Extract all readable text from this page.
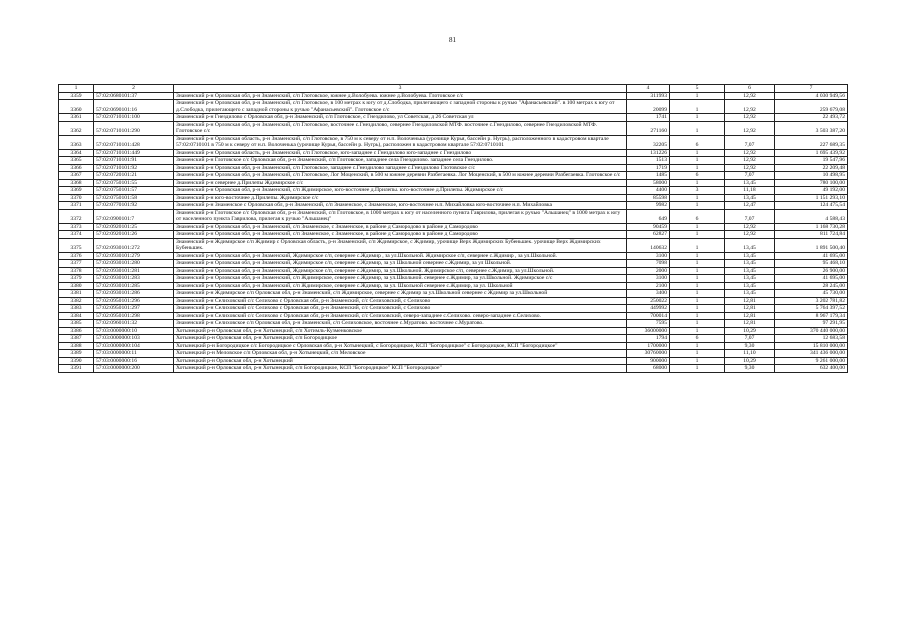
81
1	2	3	4	5	6	7
3359	57:02:0680101:37	Знаменский р-н Орловская обл, р-н Знаменский, с/п Глотовское, южнее д.Волобуева. южнее д.Волобуева. Глотовское с/с	311993	1	12,92	4 030 949,56
3360	57:02:0690101:16	Знаменский р-н Орловская обл, р-н Знаменский, с/п Глотовское, в 100 метрах к югу от д.Слободка, прилегающего с западной стороны к ручью "Афанасьевский". в 100 метрах к югу от д.Слободка, прилегающего с западной стороны к ручью "Афанасьевский". Глотовское с/с	20099	1	12,92	259 679,08
3361	57:02:0710101:100	Знаменский р-н Гнездилово с Орловская обл, р-н Знаменский, с/п Глотовское, с Гнездилово, ул Советская, д 26 Советская ул	1741	1	12,92	22 493,72
3362	57:02:0710101:290	Знаменский р-н Орловская обл, р-н Знаменский, с/п Глотовское, восточнее с.Гнездилово, севернее Гнездиловской МТФ. восточнее с.Гнездилово, севернее Гнездиловской МТФ. Глотовское с/с	271160	1	12,92	3 503 387,20
3363	57:02:0710101:428	Знаменский р-н Орловская область, р-н Знаменский, с/п Глотовское, в 750 м к северу от н.п. Волоченька (урочище Курья, бассейн р. Нугрь), расположенного в кадастровом квартале 57:02:0710101 в 750 м к северу от н.п. Волоченька (урочище Курья, бассейн р. Нугрь), расположен в кадастровом квартале 57:02:0710101	32205	6	7,07	227 689,35
3364	57:02:0710101:449	Знаменский р-н Орловская область, р-н Знаменский, с/п Глотовское, юго-западнее с Гнездилово юго-западнее с Гнездилово	131226	1	12,92	1 695 439,92
3365	57:02:0710101:91	Знаменский р-н Глотовское с/с Орловская обл, р-н Знаменский, с/п Глотовское, западнее села Гнездилово. западнее села Гнездилово.	1513	1	12,92	19 547,96
3366	57:02:0710101:92	Знаменский р-н Орловская обл, р-н Знаменский, с/п Глотовское, западнее с.Гнездилово западнее с.Гнездилово Глотовское с/с	1719	1	12,92	22 209,48
3367	57:02:0720101:21	Знаменский р-н Орловская обл, р-н Знаменский, с/п Глотовское, Лог Моценский, в 500 м южнее деревни Разбегаевка. Лог Моценский, в 500 м южнее деревни Разбегаевка. Глотовское с/с	1485	6	7,07	10 498,95
3368	57:02:0750101:55	Знаменский р-н севернее д.Прилепы Ждимирское с/с	58000	1	13,45	780 100,00
3369	57:02:0750101:57	Знаменский р-н Орловская обл, р-н Знаменский, с/п Ждимирское, юго-восточнее д.Прилепы. юго-восточнее д.Прилепы. Ждимирское с/с	4400	3	11,18	49 192,00
3370	57:02:0750101:58	Знаменский р-н юго-восточнее д.Прилепы. Ждимирское с/с	85598	1	13,45	1 151 293,10
3371	57:02:0770101:92	Знаменский р-н Знаменское с Орловская обл, р-н Знаменский, с/п Знаменское, с Знаменское, юго-восточнее н.п. Михайловка юго-восточнее н.п. Михайловка	9982	1	12,47	124 475,54
3372	57:02:0900101:7	Знаменский р-н Глотовское с/с Орловская обл, р-н Знаменский, с/п Глотовское, в 1000 метрах к югу от населенного пункта Гаврилова, прилегая к ручью "Альшанец" в 1000 метрах к югу от населенного пункта Гаврилова, прилегая к ручью "Альшанец"	649	6	7,07	4 588,43
3373	57:02:0920101:25	Знаменский р-н Орловская обл, р-н Знаменский, с/п Знаменское, с Знаменское, в районе д Самородово в районе д Самородово	90459	1	12,92	1 168 730,28
3374	57:02:0920101:26	Знаменский р-н Орловская обл, р-н Знаменский, с/п Знаменское, с Знаменское, в районе д Самородово в районе д Самородово	62827	1	12,92	811 724,84
3375	57:02:0930101:272	Знаменский р-н Ждимирское с/п Ждимир с Орловская область, р-н Знаменский, с/п Ждимирское, с Ждимир, урочище Верх Ждимирских Бубеньшек. урочище Верх Ждимирских Бубеньшек.	140632	1	13,45	1 891 500,40
3376	57:02:0930101:279	Знаменский р-н Орловская обл, р-н Знаменский, Ждимирское с/п, севернее с.Ждимир , за ул.Школьной. Ждимирское с/п, севернее с.Ждимир , за ул.Школьной.	3100	1	13,45	41 695,00
3377	57:02:0930101:280	Знаменский р-н Орловская обл, р-н Знаменский, Ждимирское с/п, севернее с.Ждимир, за ул Школьной севернее с.Ждимир, за ул Школьной.	7098	1	13,45	95 468,10
3378	57:02:0930101:281	Знаменский р-н Орловская обл, р-н Знаменский, Ждимирское с/п, севернее с.Ждимир, за ул.Школьной. Ждимирское с/п, севернее с.Ждимир, за ул.Школьной.	2000	1	13,45	26 900,00
3379	57:02:0930101:283	Знаменский р-н Орловская обл, р-н Знаменский, с/п Ждимирское, севернее с.Ждимир, за ул.Школьной. севернее с.Ждимир, за ул.Школьной. Ждимирское с/с	3100	1	13,45	41 695,00
3380	57:02:0930101:285	Знаменский р-н Орловская обл, р-н Знаменский, с/п Ждимирское, севернее с.Ждимир, за ул. Школьной севернее с.Ждимир, за ул. Школьной	2100	1	13,45	28 245,00
3381	57:02:0930101:286	Знаменский р-н Ждимирское с/п Орловская обл, р-н Знаменский, с/п Ждимирское, севернее с Ждимир за ул.Школьной севернее с Ждимир за ул.Школьной	3400	1	13,45	45 730,00
3382	57:02:0950101:296	Знаменский р-н Селиховский с/с Селихово с Орловская обл, р-н Знаменский, с/с Селиховский, с Селихово	250022	1	12,81	3 202 781,82
3383	57:02:0950101:297	Знаменский р-н Селиховский с/с Селихово с Орловская обл, р-н Знаменский, с/с Селиховский, с Селихово	449992	1	12,81	5 764 397,52
3384	57:02:0950101:298	Знаменский р-н Селиховский с/с Селихово с Орловская обл, р-н Знаменский, с/с Селиховский, северо-западнее с.Селихово. северо-западнее с.Селихово.	700014	1	12,81	8 967 179,34
3385	57:02:0960101:32	Знаменский р-н Селиховское с/п Орловская обл, р-н Знаменский, с/п Селиховское, восточнее с.Муратово. восточнее с.Муратово.	7595	1	12,81	97 291,95
3386	57:03:0000000:10	Хотынецкий р-н Орловская обл, р-н Хотынецкий, с/п Хотимль-Кузменковское	36000000	1	10,29	370 440 000,00
3387	57:03:0000000:103	Хотынецкий р-н Орловская обл, р-н Хотынецкий, с/п Богородицкое	1794	6	7,07	12 683,58
3388	57:03:0000000:104	Хотынецкий р-н Богородицкое с/с Богородицкое с Орловская обл, р-н Хотынецкий, с Богородицкое, КСП "Богородицкое" с Богородицкое, КСП "Богородицкое"	1700000	1	9,30	15 810 000,00
3389	57:03:0000000:11	Хотынецкий р-н Меловское с/п Орловская обл, р-н Хотынецкий, с/п Меловское	30760000	1	11,10	341 436 000,00
3390	57:03:0000000:16	Хотынецкий р-н Орловская обл, р-н Хотынецкий	900000	1	10,29	9 261 000,00
3391	57:03:0000000:200	Хотынецкий р-н Орловская обл, р-н Хотынецкий, с/п Богородицкое, КСП "Богородицкое" КСП "Богородицкое"	68000	1	9,30	632 400,00
